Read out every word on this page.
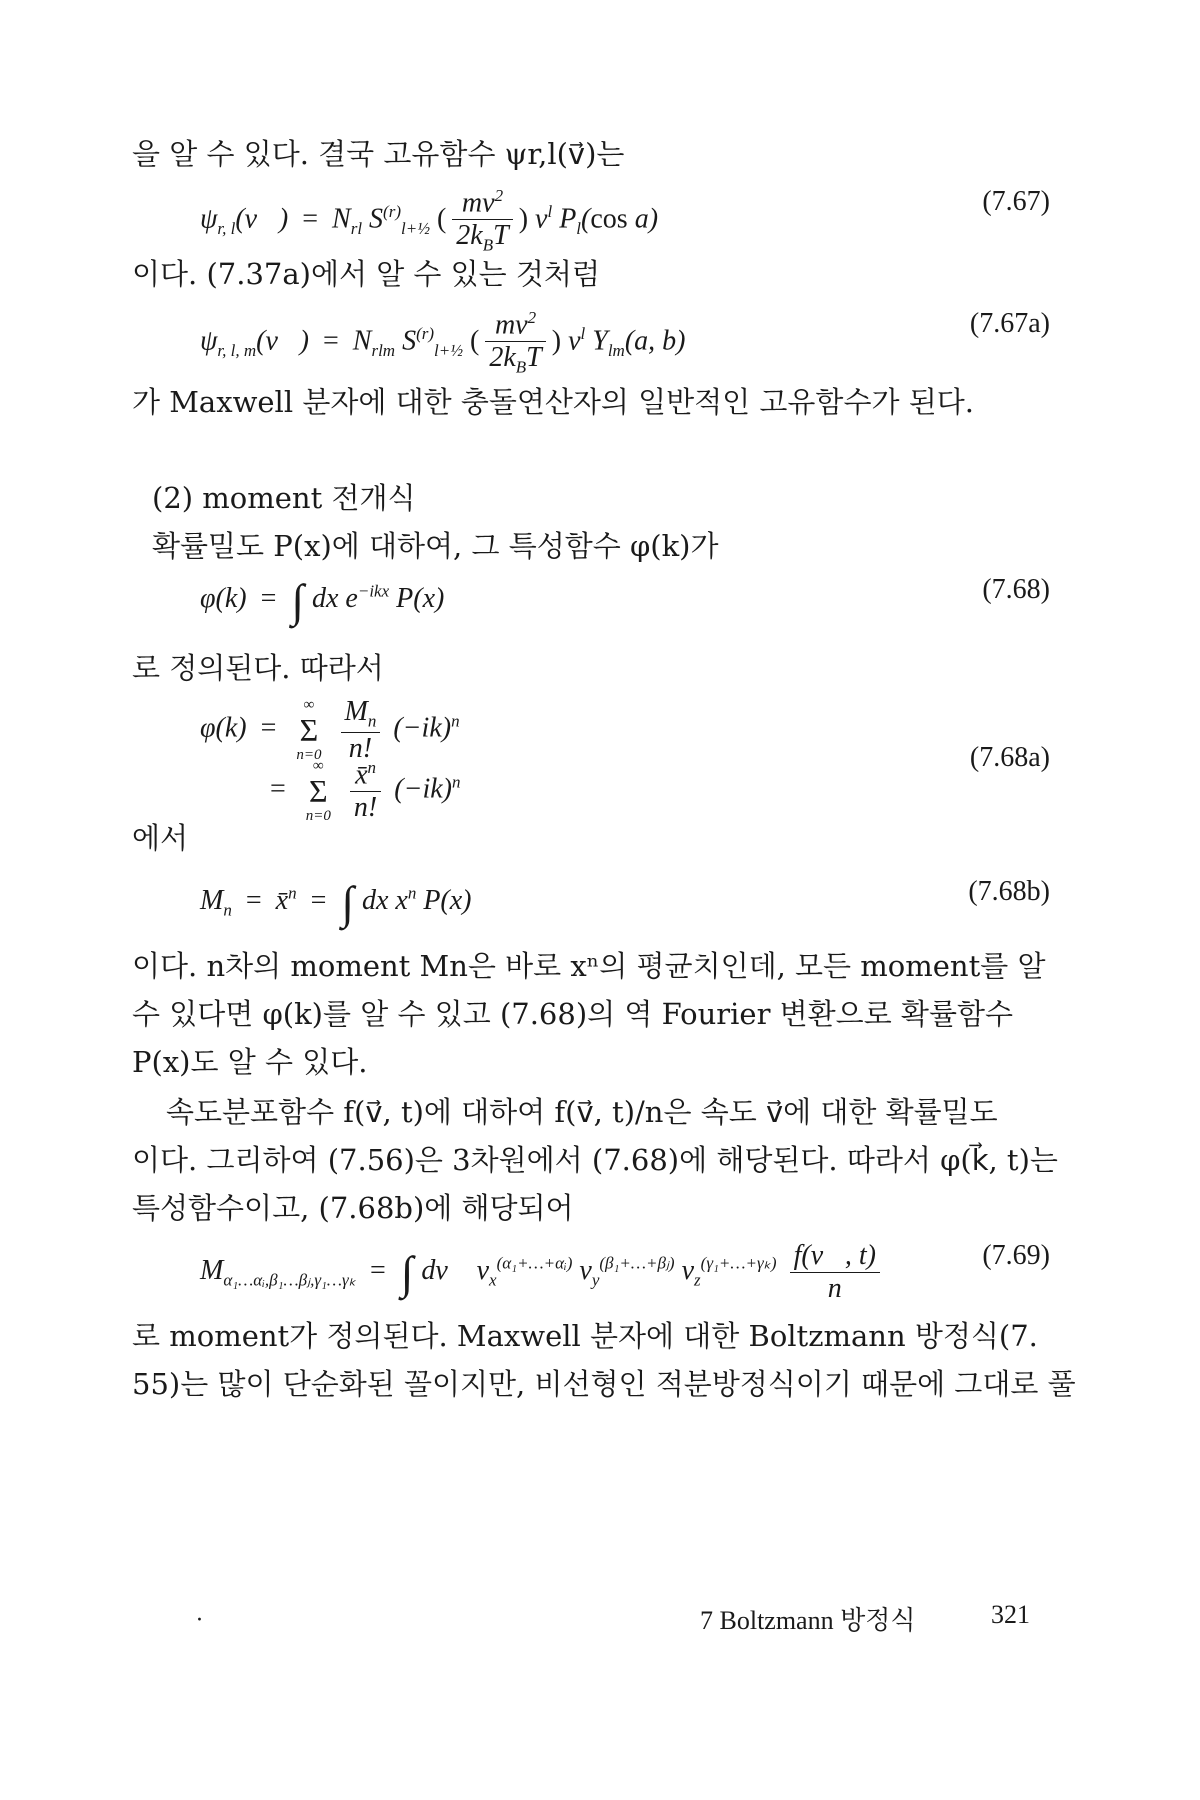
을 알 수 있다. 결국 고유함수 ψr,l(v⃗)는
$\psi_{r, l}(v⃗) = N_{rl}$ $S^{(r)}_{l+\frac{1}{2}}$ ( $\frac{mv^2}{2k_BT}$ ) $v^l$ $P_l(\cos$ a)
(7.67)
이다. (7.37a)에서 알 수 있는 것처럼
$\psi_{r, l, m}(v⃗) = N_{rlm}$ $S^{(r)}_{l+\frac{1}{2}}$ ( $\frac{mv^2}{2k_BT}$ ) $v^l$ $Y_{lm}(a$, b)
(7.67a)
가 Maxwell 분자에 대한 충돌연산자의 일반적인 고유함수가 된다.
(2) moment 전개식
확률밀도 P(x)에 대하여, 그 특성함수 φ(k)가
φ(k)  = ∫ dx $e^{-ikx}$ P(x)	(7.68)
로 정의된다. 따라서
φ(k)  =
∞
Σ
n=0
$\frac{M_n}{n!} (-ik)^n$
=
∞
Σ
n=0
$\frac{x̄^n}{n!} (-ik)^n$
(7.68a)
에서
$M_n$  =  x̄$^n$  = ∫ dx $x^n$ P(x)	(7.68b)
이다. n차의 moment Mn은 바로 xⁿ의 평균치인데, 모든 moment를 알
수 있다면 φ(k)를 알 수 있고 (7.68)의 역 Fourier 변환으로 확률함수
P(x)도 알 수 있다.
속도분포함수 f(v⃗, t)에 대하여 f(v⃗, t)/n은 속도 v⃗에 대한 확률밀도
이다. 그리하여 (7.56)은 3차원에서 (7.68)에 해당된다. 따라서 φ(k⃗, t)는
특성함수이고, (7.68b)에 해당되어
$M_{\alpha_1\dots\alpha ᵢ,\beta_1\dots\beta ⱼ,\gamma_1\dots\gamma_k}$  = ∫ dv⃗ $v_x^{(\alpha_1+\dots+\alpha ᵢ)}$ $v_y^{(\beta_1+\dots+\beta ⱼ)}$ $v_z^{(\gamma_1+\dots+\gamma_k)} \frac{f(v⃗, t)}{n}$	(7.69)
로 moment가 정의된다. Maxwell 분자에 대한 Boltzmann 방정식(7.
55)는 많이 단순화된 꼴이지만, 비선형인 적분방정식이기 때문에 그대로 풀
·	7 Boltzmann 방정식	321
